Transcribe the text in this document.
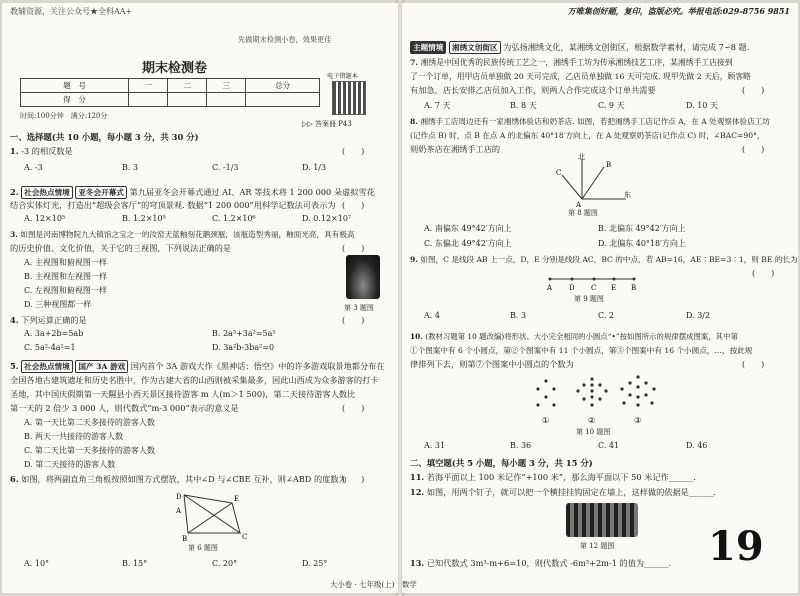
教辅资源，关注公众号★全科AA+
先做期末检测小卷，效果更佳
期末检测卷
题　号	一	二	三	总分
得　分				
电子错题本
时间:100分钟　满分:120分
▷▷ 答案冊 P43
一、选择题(共 10 小题，每小题 3 分，共 30 分)
1. -3 的相反数是	(　　)
A. -3	B. 3	C. -1/3	D. 1/3
2. 社会热点情境 亚冬会开幕式 第九届亚冬会开幕式通过 AI、AR 等技术将 1 200 000 朵虚拟雪花
结合实体灯光，打造出“超级会客厅”的穹顶景观. 数据“1 200 000”用科学记数法可表示为 (　　)
A. 12×10⁵	B. 1.2×10⁵	C. 1.2×10⁶	D. 0.12×10⁷
3. 如图是河南博物院九大镇馆之宝之一的汝窑天蓝釉刻花鹅颈瓶，该瓶造型秀丽，釉面光亮，具有极高
的历史价值、文化价值，关于它的三视图，下列说法正确的是	(　　)
A. 主视图和俯视图一样
B. 主视图和左视图一样
C. 左视图和俯视图一样
D. 三种视图都一样	第 3 题图
4. 下列运算正确的是	(　　)
A. 3a+2b=5ab	B. 2a³+3a²=5a⁵
C. 5a²-4a²=1	D. 3a²b-3ba²=0
5. 社会热点情境 国产 3A 游戏 国内首个 3A 游戏大作《黑神话：悟空》中的许多游戏取景地都分布在
全国各地古建筑遗址和历史名胜中，作为古建大省的山西则被采集最多，因此山西成为众多游客的打卡
圣地，其中国庆假期第一天隰县小西天景区接待游客 m 人(m＞1 500)，第二天接待游客人数比
第一天的 2 倍少 3 000 人，则代数式“m-3 000”表示的意义是	(　　)
A. 第一天比第二天多接待的游客人数
B. 两天一共接待的游客人数
C. 第二天比第一天多接待的游客人数
D. 第二天接待的游客人数
6. 如图，将两副直角三角板按照如图方式摆放，其中∠D 与∠CBE 互补，则∠ABD 的度数为
(　　)
D
A
E
B	C
第 6 题图
A. 10°	B. 15°	C. 20°	D. 25°
万唯集创好题，复印，盗版必究。举报电话:029-8756 9851
主题情境 湘绣文创街区 为弘扬湘绣文化，某湘绣文创街区，根据数学素材，请完成 7~8 题.
7. 湘绣是中国优秀的民族传统工艺之一，湘绣手工坊为传承湘绣技艺工序，某湘绣手工店接到
了一个订单，用甲店员单独做 20 天可完成，乙店员单独做 16 天可完成. 现甲先做 2 天后，顾客略
有加急，店长安排乙店员加入工作，则两人合作完成这个订单共需要	(　　)
A. 7 天	B. 8 天	C. 9 天	D. 10 天
8. 湘绣手工店周边还有一家湘绣体验店和奶茶店. 如图，若把湘绣手工店记作点 A，在 A 处观察体验店工坊
(记作点 B) 时，点 B 在点 A 的北偏东 40°18′方向上，在 A 处观察奶茶店(记作点 C) 时，∠BAC=90°，
则奶茶店在湘绣手工店的	(　　)
北
东
B
C
A
第 8 题图
A. 南偏东 49°42′方向上	B. 北偏东 49°42′方向上
C. 东偏北 49°42′方向上	D. 北偏东 40°18′方向上
9. 如图，C 是线段 AB 上一点，D，E 分别是线段 AC，BC 的中点，若 AB=16，AE∶BE=3∶1，则 BE 的长为
(　　)
A D C E B
第 9 题图
A. 4	B. 3	C. 2	D. 3/2
10. (教材习题第 10 题改编)将形状、大小完全相同的小圆点“•”按如图所示的规律摆成图案，其中第
①个图案中有 6 个小圆点，第②个图案中有 11 个小圆点，第③个图案中有 16 个小圆点，…，按此规
律排列下去，则第⑦个图案中小圆点的个数为	(　　)
①	②	③
第 10 题图
A. 31	B. 36	C. 41	D. 46
二、填空题(共 5 小题，每小题 3 分，共 15 分)
11. 若海平面以上 100 米记作“+100 米”，那么海平面以下 50 米记作______.
12. 如图，用两个钉子，就可以把一个横挂挂钩固定在墙上，这样做的依据是______.
第 12 题图
13. 已知代数式 3m³-m+6=10，则代数式 -6m³+2m-1 的值为______. 19
大小卷 · 七年级(上)　数学
